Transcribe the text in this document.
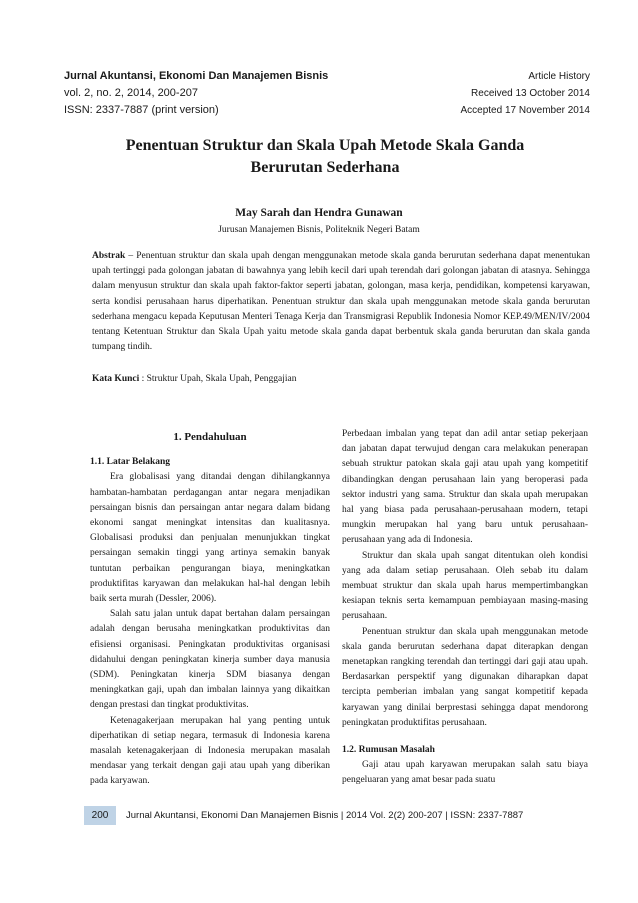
Jurnal Akuntansi, Ekonomi Dan Manajemen Bisnis
vol. 2, no. 2, 2014, 200-207
ISSN: 2337-7887 (print version)
Article History
Received 13 October 2014
Accepted 17 November 2014
Penentuan Struktur dan Skala Upah Metode Skala Ganda Berurutan Sederhana
May Sarah dan Hendra Gunawan
Jurusan Manajemen Bisnis, Politeknik Negeri Batam
Abstrak – Penentuan struktur dan skala upah dengan menggunakan metode skala ganda berurutan sederhana dapat menentukan upah tertinggi pada golongan jabatan di bawahnya yang lebih kecil dari upah terendah dari golongan jabatan di atasnya. Sehingga dalam menyusun struktur dan skala upah faktor-faktor seperti jabatan, golongan, masa kerja, pendidikan, kompetensi karyawan, serta kondisi perusahaan harus diperhatikan. Penentuan struktur dan skala upah menggunakan metode skala ganda berurutan sederhana mengacu kepada Keputusan Menteri Tenaga Kerja dan Transmigrasi Republik Indonesia Nomor KEP.49/MEN/IV/2004 tentang Ketentuan Struktur dan Skala Upah yaitu metode skala ganda dapat berbentuk skala ganda berurutan dan skala ganda tumpang tindih.
Kata Kunci : Struktur Upah, Skala Upah, Penggajian

1. Pendahuluan

1.1. Latar Belakang

Era globalisasi yang ditandai dengan dihilangkannya hambatan-hambatan perdagangan antar negara menjadikan persaingan bisnis dan persaingan antar negara dalam bidang ekonomi sangat meningkat intensitas dan kualitasnya. Globalisasi produksi dan penjualan menunjukkan tingkat persaingan semakin tinggi yang artinya semakin banyak tuntutan perbaikan pengurangan biaya, meningkatkan produktifitas karyawan dan melakukan hal-hal dengan lebih baik serta murah (Dessler, 2006).

Salah satu jalan untuk dapat bertahan dalam persaingan adalah dengan berusaha meningkatkan produktivitas dan efisiensi organisasi. Peningkatan produktivitas organisasi didahului dengan peningkatan kinerja sumber daya manusia (SDM). Peningkatan kinerja SDM biasanya dengan meningkatkan gaji, upah dan imbalan lainnya yang dikaitkan dengan prestasi dan tingkat produktivitas.

Ketenagakerjaan merupakan hal yang penting untuk diperhatikan di setiap negara, termasuk di Indonesia karena masalah ketenagakerjaan di Indonesia merupakan masalah mendasar yang terkait dengan gaji atau upah yang diberikan pada karyawan.

Perbedaan imbalan yang tepat dan adil antar setiap pekerjaan dan jabatan dapat terwujud dengan cara melakukan penerapan sebuah struktur patokan skala gaji atau upah yang kompetitif dibandingkan dengan perusahaan lain yang beroperasi pada sektor industri yang sama. Struktur dan skala upah merupakan hal yang biasa pada perusahaan-perusahaan modern, tetapi mungkin merupakan hal yang baru untuk perusahaan-perusahaan yang ada di Indonesia.

Struktur dan skala upah sangat ditentukan oleh kondisi yang ada dalam setiap perusahaan. Oleh sebab itu dalam membuat struktur dan skala upah harus mempertimbangkan kesiapan teknis serta kemampuan pembiayaan masing-masing perusahaan.

Penentuan struktur dan skala upah menggunakan metode skala ganda berurutan sederhana dapat diterapkan dengan menetapkan rangking terendah dan tertinggi dari gaji atau upah. Berdasarkan perspektif yang digunakan diharapkan dapat tercipta pemberian imbalan yang sangat kompetitif kepada karyawan yang dinilai berprestasi sehingga dapat mendorong peningkatan produktifitas perusahaan.

1.2. Rumusan Masalah

Gaji atau upah karyawan merupakan salah satu biaya pengeluaran yang amat besar pada suatu

200	Jurnal Akuntansi, Ekonomi Dan Manajemen Bisnis | 2014 Vol. 2(2) 200-207 | ISSN: 2337-7887
